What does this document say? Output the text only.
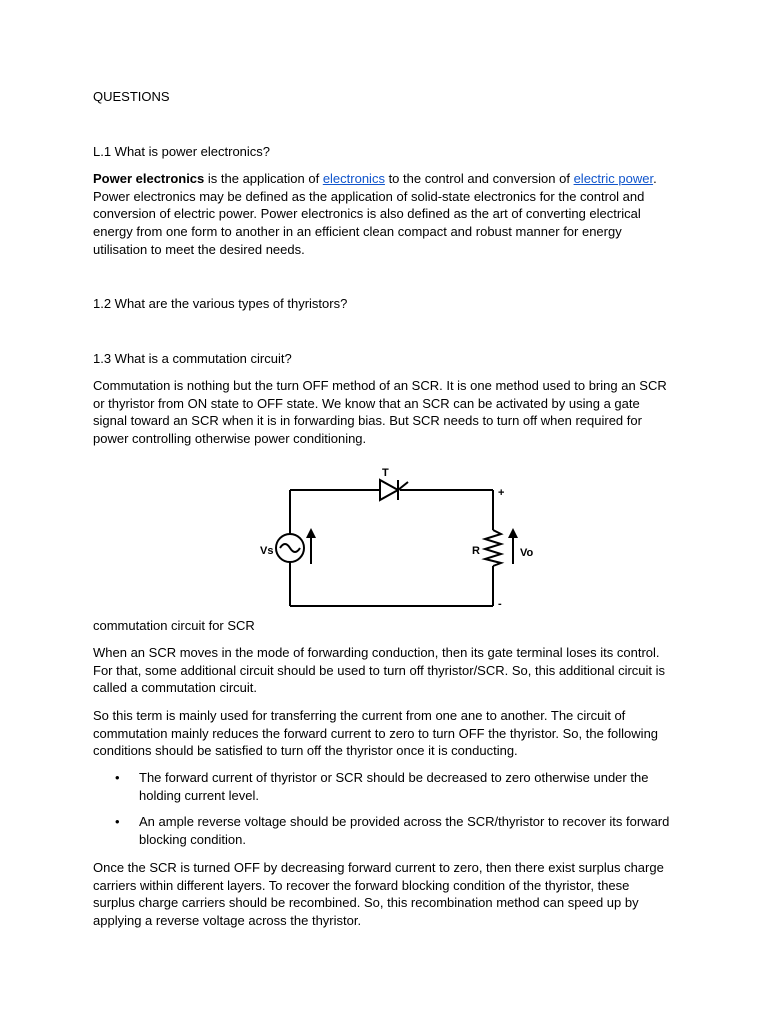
QUESTIONS

L.1 What is power electronics?

Power electronics is the application of electronics to the control and conversion of electric power. Power electronics may be defined as the application of solid-state electronics for the control and conversion of electric power. Power electronics is also defined as the art of converting electrical energy from one form to another in an efficient clean compact and robust manner for energy utilisation to meet the desired needs.

1.2 What are the various types of thyristors?

1.3 What is a commutation circuit?

Commutation is nothing but the turn OFF method of an SCR. It is one method used to bring an SCR or thyristor from ON state to OFF state. We know that an SCR can be activated by using a gate signal toward an SCR when it is in forwarding bias. But SCR needs to turn off when required for power controlling otherwise power conditioning.

T
Vs	R	Vo
+
-

commutation circuit for SCR

When an SCR moves in the mode of forwarding conduction, then its gate terminal loses its control. For that, some additional circuit should be used to turn off thyristor/SCR. So, this additional circuit is called a commutation circuit.

So this term is mainly used for transferring the current from one ane to another. The circuit of commutation mainly reduces the forward current to zero to turn OFF the thyristor. So, the following conditions should be satisfied to turn off the thyristor once it is conducting.

• The forward current of thyristor or SCR should be decreased to zero otherwise under the holding current level.
• An ample reverse voltage should be provided across the SCR/thyristor to recover its forward blocking condition.

Once the SCR is turned OFF by decreasing forward current to zero, then there exist surplus charge carriers within different layers. To recover the forward blocking condition of the thyristor, these surplus charge carriers should be recombined. So, this recombination method can speed up by applying a reverse voltage across the thyristor.
